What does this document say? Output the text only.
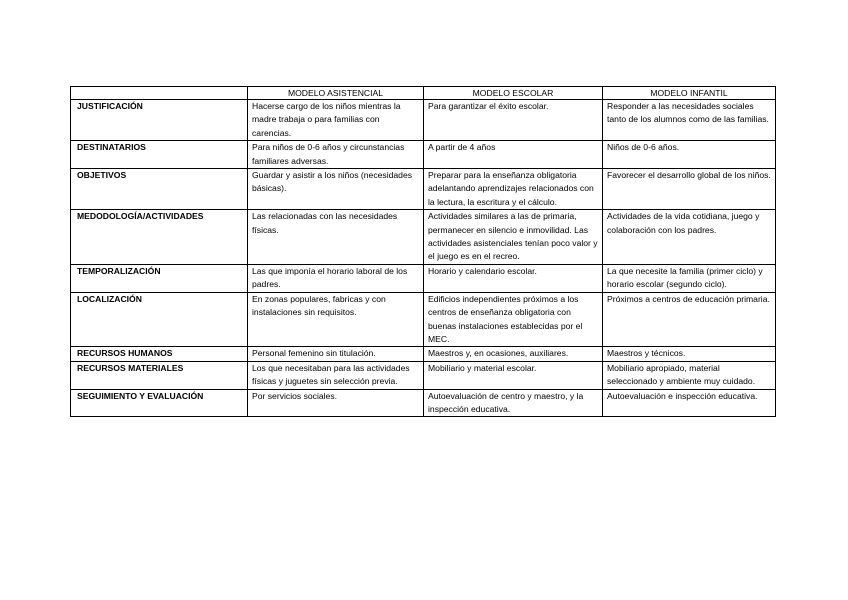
	MODELO ASISTENCIAL	MODELO ESCOLAR	MODELO INFANTIL
JUSTIFICACIÓN	Hacerse cargo de los niños mientras la madre trabaja o para familias con carencias.	Para garantizar el éxito escolar.	Responder a las necesidades sociales tanto de los alumnos como de las familias.
DESTINATARIOS	Para niños de 0-6 años y circunstancias familiares adversas.	A partir de 4 años	Niños de 0-6 años.
OBJETIVOS	Guardar y asistir a los niños (necesidades básicas).	Preparar para la enseñanza obligatoria adelantando aprendizajes relacionados con la lectura, la escritura y el cálculo.	Favorecer el desarrollo global de los niños.
MEDODOLOGÍA/ACTIVIDADES	Las relacionadas con las necesidades físicas.	Actividades similares a las de primaria, permanecer en silencio e inmovilidad. Las actividades asistenciales tenían poco valor y el juego es en el recreo.	Actividades de la vida cotidiana, juego y colaboración con los padres.
TEMPORALIZACIÓN	Las que imponía el horario laboral de los padres.	Horario y calendario escolar.	La que necesite la familia (primer ciclo) y horario escolar (segundo ciclo).
LOCALIZACIÓN	En zonas populares, fabricas y con instalaciones sin requisitos.	Edificios independientes próximos a los centros de enseñanza obligatoria con buenas instalaciones establecidas por el MEC.	Próximos a centros de educación primaria.
RECURSOS HUMANOS	Personal femenino sin titulación.	Maestros y, en ocasiones, auxiliares.	Maestros y técnicos.
RECURSOS MATERIALES	Los que necesitaban para las actividades físicas y juguetes sin selección previa.	Mobiliario y material escolar.	Mobiliario apropiado, material seleccionado y ambiente muy cuidado.
SEGUIMIENTO Y EVALUACIÓN	Por servicios sociales.	Autoevaluación de centro y maestro, y la inspección educativa.	Autoevaluación e inspección educativa.
